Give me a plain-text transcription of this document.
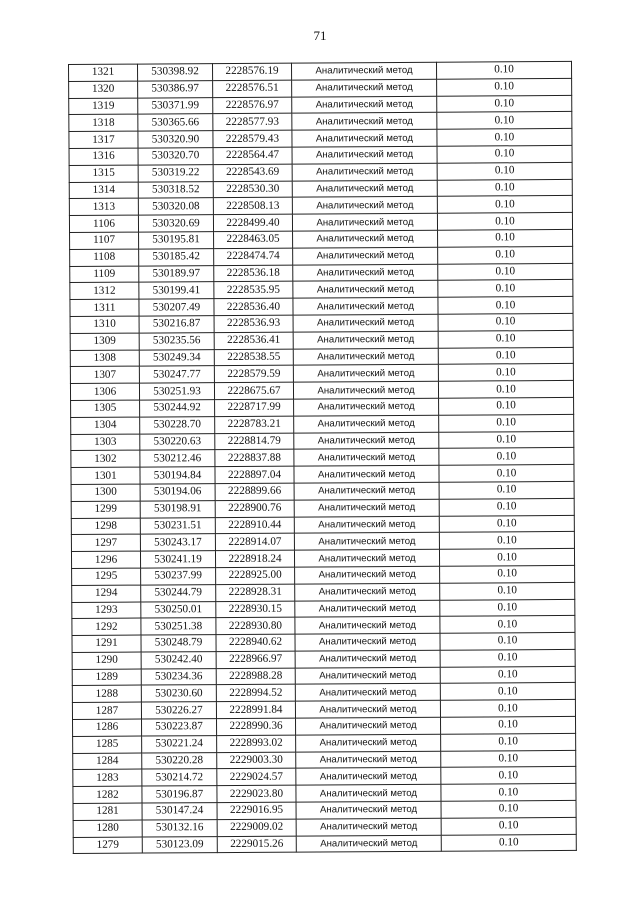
71
1321	530398.92	2228576.19	Аналитический метод	0.10
1320	530386.97	2228576.51	Аналитический метод	0.10
1319	530371.99	2228576.97	Аналитический метод	0.10
1318	530365.66	2228577.93	Аналитический метод	0.10
1317	530320.90	2228579.43	Аналитический метод	0.10
1316	530320.70	2228564.47	Аналитический метод	0.10
1315	530319.22	2228543.69	Аналитический метод	0.10
1314	530318.52	2228530.30	Аналитический метод	0.10
1313	530320.08	2228508.13	Аналитический метод	0.10
1106	530320.69	2228499.40	Аналитический метод	0.10
1107	530195.81	2228463.05	Аналитический метод	0.10
1108	530185.42	2228474.74	Аналитический метод	0.10
1109	530189.97	2228536.18	Аналитический метод	0.10
1312	530199.41	2228535.95	Аналитический метод	0.10
1311	530207.49	2228536.40	Аналитический метод	0.10
1310	530216.87	2228536.93	Аналитический метод	0.10
1309	530235.56	2228536.41	Аналитический метод	0.10
1308	530249.34	2228538.55	Аналитический метод	0.10
1307	530247.77	2228579.59	Аналитический метод	0.10
1306	530251.93	2228675.67	Аналитический метод	0.10
1305	530244.92	2228717.99	Аналитический метод	0.10
1304	530228.70	2228783.21	Аналитический метод	0.10
1303	530220.63	2228814.79	Аналитический метод	0.10
1302	530212.46	2228837.88	Аналитический метод	0.10
1301	530194.84	2228897.04	Аналитический метод	0.10
1300	530194.06	2228899.66	Аналитический метод	0.10
1299	530198.91	2228900.76	Аналитический метод	0.10
1298	530231.51	2228910.44	Аналитический метод	0.10
1297	530243.17	2228914.07	Аналитический метод	0.10
1296	530241.19	2228918.24	Аналитический метод	0.10
1295	530237.99	2228925.00	Аналитический метод	0.10
1294	530244.79	2228928.31	Аналитический метод	0.10
1293	530250.01	2228930.15	Аналитический метод	0.10
1292	530251.38	2228930.80	Аналитический метод	0.10
1291	530248.79	2228940.62	Аналитический метод	0.10
1290	530242.40	2228966.97	Аналитический метод	0.10
1289	530234.36	2228988.28	Аналитический метод	0.10
1288	530230.60	2228994.52	Аналитический метод	0.10
1287	530226.27	2228991.84	Аналитический метод	0.10
1286	530223.87	2228990.36	Аналитический метод	0.10
1285	530221.24	2228993.02	Аналитический метод	0.10
1284	530220.28	2229003.30	Аналитический метод	0.10
1283	530214.72	2229024.57	Аналитический метод	0.10
1282	530196.87	2229023.80	Аналитический метод	0.10
1281	530147.24	2229016.95	Аналитический метод	0.10
1280	530132.16	2229009.02	Аналитический метод	0.10
1279	530123.09	2229015.26	Аналитический метод	0.10
